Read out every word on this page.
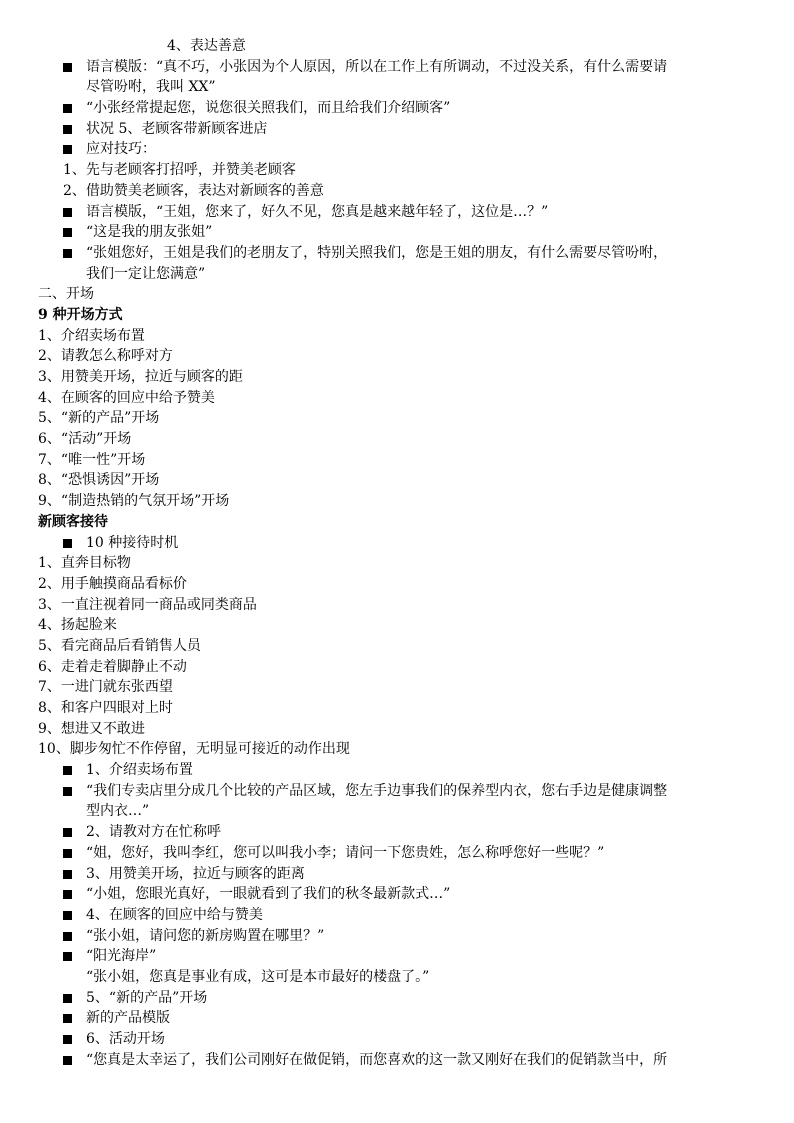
4、表达善意
语言模版：“真不巧，小张因为个人原因，所以在工作上有所调动，不过没关系，有什么需要请
尽管吩咐，我叫 XX”
“小张经常提起您，说您很关照我们，而且给我们介绍顾客”
状况 5、老顾客带新顾客进店
应对技巧：
1、先与老顾客打招呼，并赞美老顾客
2、借助赞美老顾客，表达对新顾客的善意
语言模版，“王姐，您来了，好久不见，您真是越来越年轻了，这位是…？”
“这是我的朋友张姐”
“张姐您好，王姐是我们的老朋友了，特别关照我们，您是王姐的朋友，有什么需要尽管吩咐，
我们一定让您满意”
二、开场
9 种开场方式
1、介绍卖场布置
2、请教怎么称呼对方
3、用赞美开场，拉近与顾客的距
4、在顾客的回应中给予赞美
5、“新的产品”开场
6、“活动”开场
7、“唯一性”开场
8、“恐惧诱因”开场
9、“制造热销的气氛开场”开场
新顾客接待
10 种接待时机
1、直奔目标物
2、用手触摸商品看标价
3、一直注视着同一商品或同类商品
4、扬起脸来
5、看完商品后看销售人员
6、走着走着脚静止不动
7、一进门就东张西望
8、和客户四眼对上时
9、想进又不敢进
10、脚步匆忙不作停留，无明显可接近的动作出现
1、介绍卖场布置
“我们专卖店里分成几个比较的产品区域，您左手边事我们的保养型内衣，您右手边是健康调整
型内衣…”
2、请教对方在忙称呼
“姐，您好，我叫李红，您可以叫我小李；请问一下您贵姓，怎么称呼您好一些呢？”
3、用赞美开场，拉近与顾客的距离
“小姐，您眼光真好，一眼就看到了我们的秋冬最新款式…”
4、在顾客的回应中给与赞美
“张小姐，请问您的新房购置在哪里？”
“阳光海岸”
“张小姐，您真是事业有成，这可是本市最好的楼盘了。”
5、“新的产品”开场
新的产品模版
6、活动开场
“您真是太幸运了，我们公司刚好在做促销，而您喜欢的这一款又刚好在我们的促销款当中，所
